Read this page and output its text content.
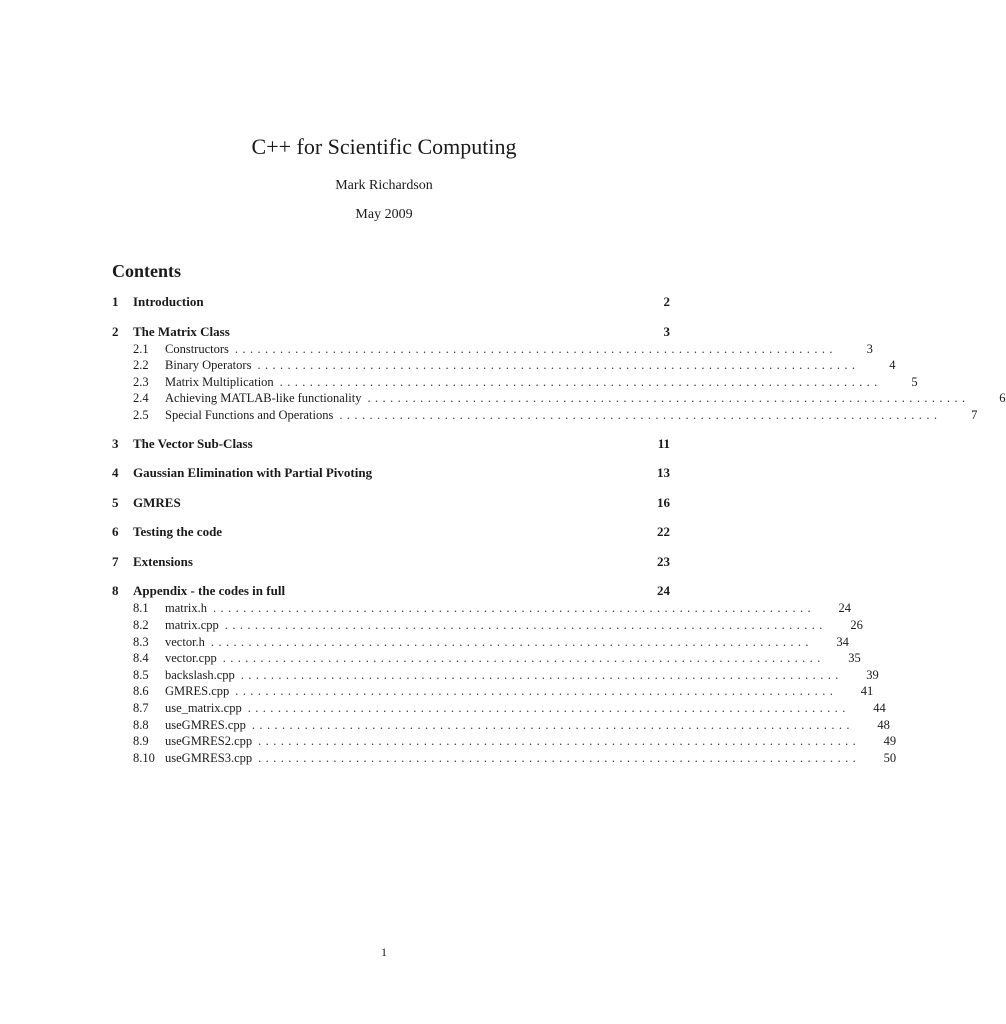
C++ for Scientific Computing
Mark Richardson
May 2009
Contents
1	Introduction	2
2	The Matrix Class	3
2.1	Constructors ................................................................................	3
2.2	Binary Operators ................................................................................	4
2.3	Matrix Multiplication ................................................................................	5
2.4	Achieving MATLAB-like functionality ................................................................................	6
2.5	Special Functions and Operations ................................................................................	7
3	The Vector Sub-Class	11
4	Gaussian Elimination with Partial Pivoting	13
5	GMRES	16
6	Testing the code	22
7	Extensions	23
8	Appendix - the codes in full	24
8.1	matrix.h ................................................................................	24
8.2	matrix.cpp ................................................................................	26
8.3	vector.h ................................................................................	34
8.4	vector.cpp ................................................................................	35
8.5	backslash.cpp ................................................................................	39
8.6	GMRES.cpp ................................................................................	41
8.7	use_matrix.cpp ................................................................................	44
8.8	useGMRES.cpp ................................................................................	48
8.9	useGMRES2.cpp ................................................................................	49
8.10 useGMRES3.cpp ................................................................................	50
1
